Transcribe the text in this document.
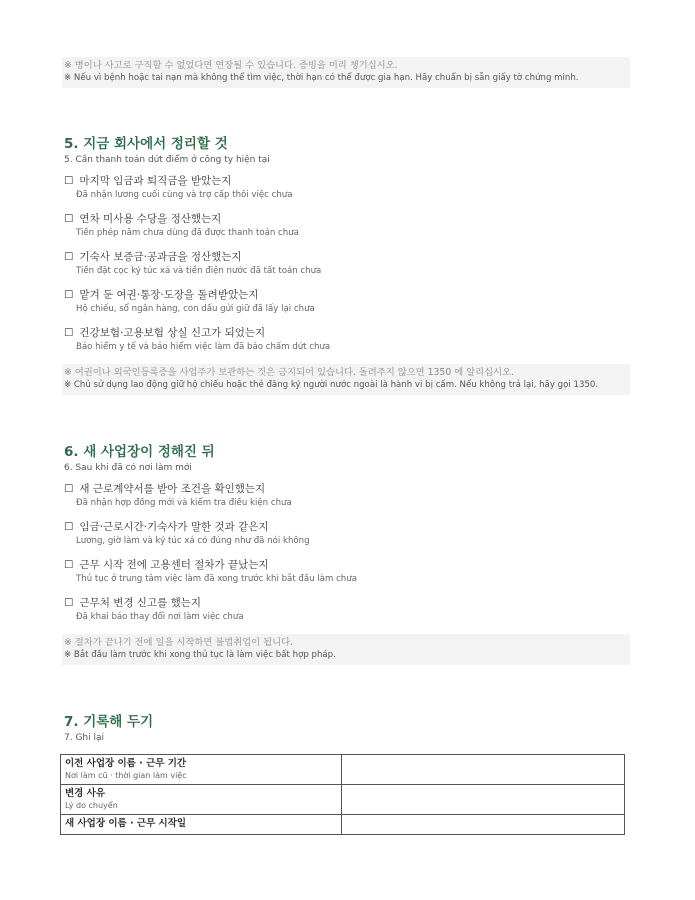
※ 병이나 사고로 구직할 수 없었다면 연장될 수 있습니다. 증빙을 미리 챙기십시오.
※ Nếu vì bệnh hoặc tai nạn mà không thể tìm việc, thời hạn có thể được gia hạn. Hãy chuẩn bị sẵn giấy tờ chứng minh.
5. 지금 회사에서 정리할 것
5. Cần thanh toán dứt điểm ở công ty hiện tại
☐ 마지막 임금과 퇴직금을 받았는지
Đã nhận lương cuối cùng và trợ cấp thôi việc chưa
☐ 연차 미사용 수당을 정산했는지
Tiền phép năm chưa dùng đã được thanh toán chưa
☐ 기숙사 보증금·공과금을 정산했는지
Tiền đặt cọc ký túc xá và tiền điện nước đã tất toán chưa
☐ 맡겨 둔 여권·통장·도장을 돌려받았는지
Hộ chiếu, sổ ngân hàng, con dấu gửi giữ đã lấy lại chưa
☐ 건강보험·고용보험 상실 신고가 되었는지
Bảo hiểm y tế và bảo hiểm việc làm đã báo chấm dứt chưa
※ 여권이나 외국인등록증을 사업주가 보관하는 것은 금지되어 있습니다. 돌려주지 않으면 1350 에 알리십시오.
※ Chủ sử dụng lao động giữ hộ chiếu hoặc thẻ đăng ký người nước ngoài là hành vi bị cấm. Nếu không trả lại, hãy gọi 1350.
6. 새 사업장이 정해진 뒤
6. Sau khi đã có nơi làm mới
☐ 새 근로계약서를 받아 조건을 확인했는지
Đã nhận hợp đồng mới và kiểm tra điều kiện chưa
☐ 임금·근로시간·기숙사가 말한 것과 같은지
Lương, giờ làm và ký túc xá có đúng như đã nói không
☐ 근무 시작 전에 고용센터 절차가 끝났는지
Thủ tục ở trung tâm việc làm đã xong trước khi bắt đầu làm chưa
☐ 근무처 변경 신고를 했는지
Đã khai báo thay đổi nơi làm việc chưa
※ 절차가 끝나기 전에 일을 시작하면 불법취업이 됩니다.
※ Bắt đầu làm trước khi xong thủ tục là làm việc bất hợp pháp.
7. 기록해 두기
7. Ghi lại
이전 사업장 이름 · 근무 기간
Nơi làm cũ · thời gian làm việc	

변경 사유
Lý do chuyển	

새 사업장 이름 · 근무 시작일	
